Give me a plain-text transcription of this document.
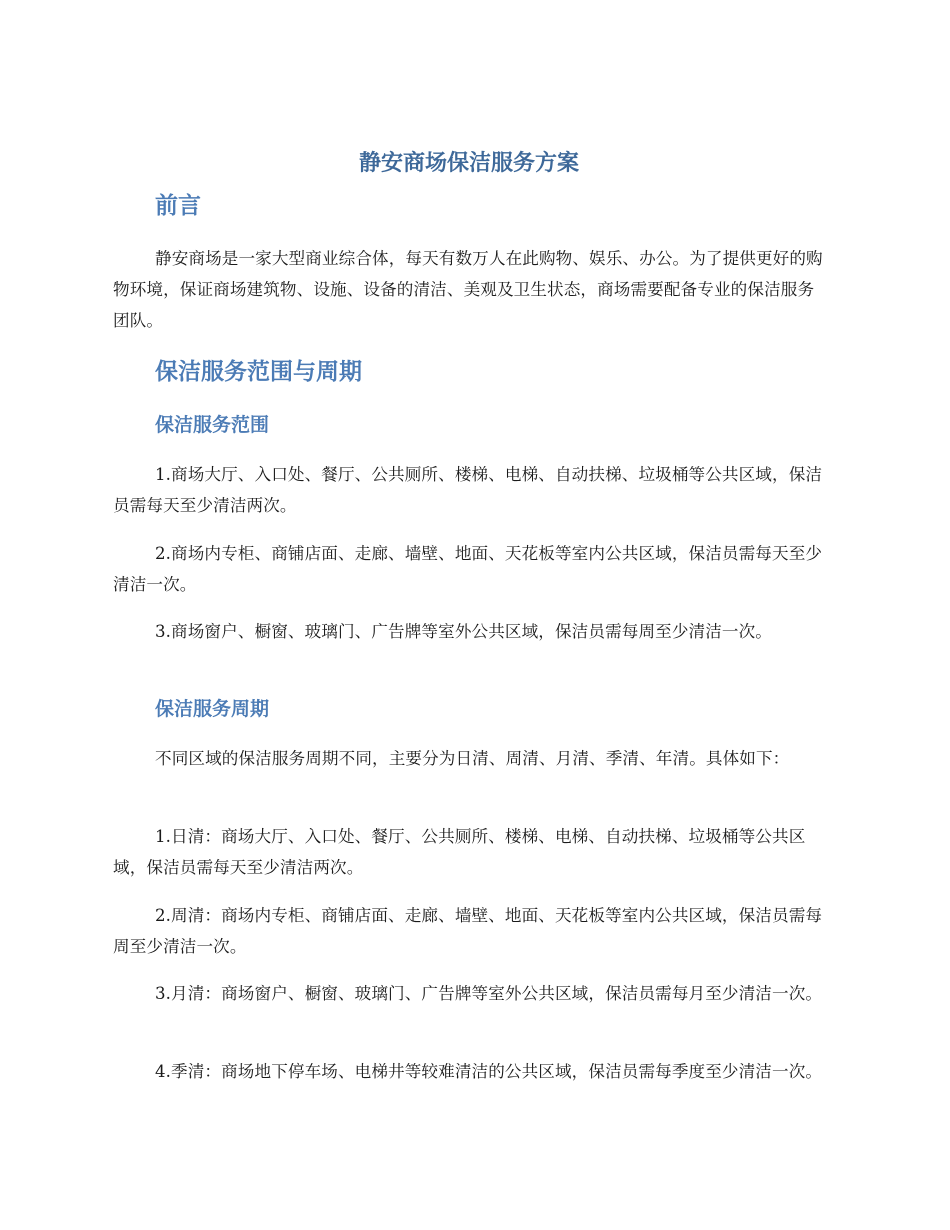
静安商场保洁服务方案
前言

静安商场是一家大型商业综合体，每天有数万人在此购物、娱乐、办公。为了提供更好的购物环境，保证商场建筑物、设施、设备的清洁、美观及卫生状态，商场需要配备专业的保洁服务团队。

保洁服务范围与周期
保洁服务范围

1.商场大厅、入口处、餐厅、公共厕所、楼梯、电梯、自动扶梯、垃圾桶等公共区域，保洁员需每天至少清洁两次。

2.商场内专柜、商铺店面、走廊、墙壁、地面、天花板等室内公共区域，保洁员需每天至少清洁一次。

3.商场窗户、橱窗、玻璃门、广告牌等室外公共区域，保洁员需每周至少清洁一次。

保洁服务周期

不同区域的保洁服务周期不同，主要分为日清、周清、月清、季清、年清。具体如下：

1.日清：商场大厅、入口处、餐厅、公共厕所、楼梯、电梯、自动扶梯、垃圾桶等公共区域，保洁员需每天至少清洁两次。

2.周清：商场内专柜、商铺店面、走廊、墙壁、地面、天花板等室内公共区域，保洁员需每周至少清洁一次。

3.月清：商场窗户、橱窗、玻璃门、广告牌等室外公共区域，保洁员需每月至少清洁一次。

4.季清：商场地下停车场、电梯井等较难清洁的公共区域，保洁员需每季度至少清洁一次。
